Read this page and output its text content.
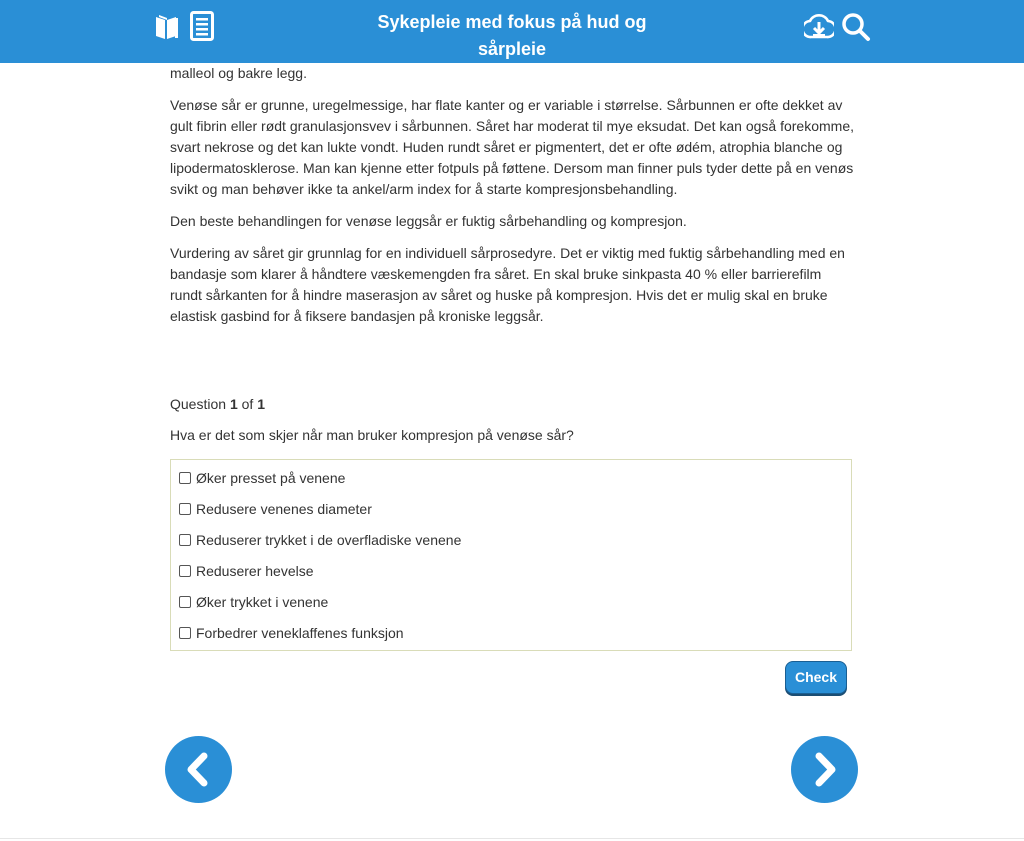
Sykepleie med fokus på hud og sårpleie

malleol og bakre legg.

Venøse sår er grunne, uregelmessige, har flate kanter og er variable i størrelse. Sårbunnen er ofte dekket av gult fibrin eller rødt granulasjonsvev i sårbunnen. Såret har moderat til mye eksudat. Det kan også forekomme, svart nekrose og det kan lukte vondt. Huden rundt såret er pigmentert, det er ofte ødém, atrophia blanche og lipodermatosklerose. Man kan kjenne etter fotpuls på føttene. Dersom man finner puls tyder dette på en venøs svikt og man behøver ikke ta ankel/arm index for å starte kompresjonsbehandling.

Den beste behandlingen for venøse leggsår er fuktig sårbehandling og kompresjon.

Vurdering av såret gir grunnlag for en individuell sårprosedyre. Det er viktig med fuktig sårbehandling med en bandasje som klarer å håndtere væskemengden fra såret. En skal bruke sinkpasta 40 % eller barrierefilm rundt sårkanten for å hindre maserasjon av såret og huske på kompresjon. Hvis det er mulig skal en bruke elastisk gasbind for å fiksere bandasjen på kroniske leggsår.

Question 1 of 1
Hva er det som skjer når man bruker kompresjon på venøse sår?
Øker presset på venene
Redusere venenes diameter
Reduserer trykket i de overfladiske venene
Reduserer hevelse
Øker trykket i venene
Forbedrer veneklaffenes funksjon
Check
